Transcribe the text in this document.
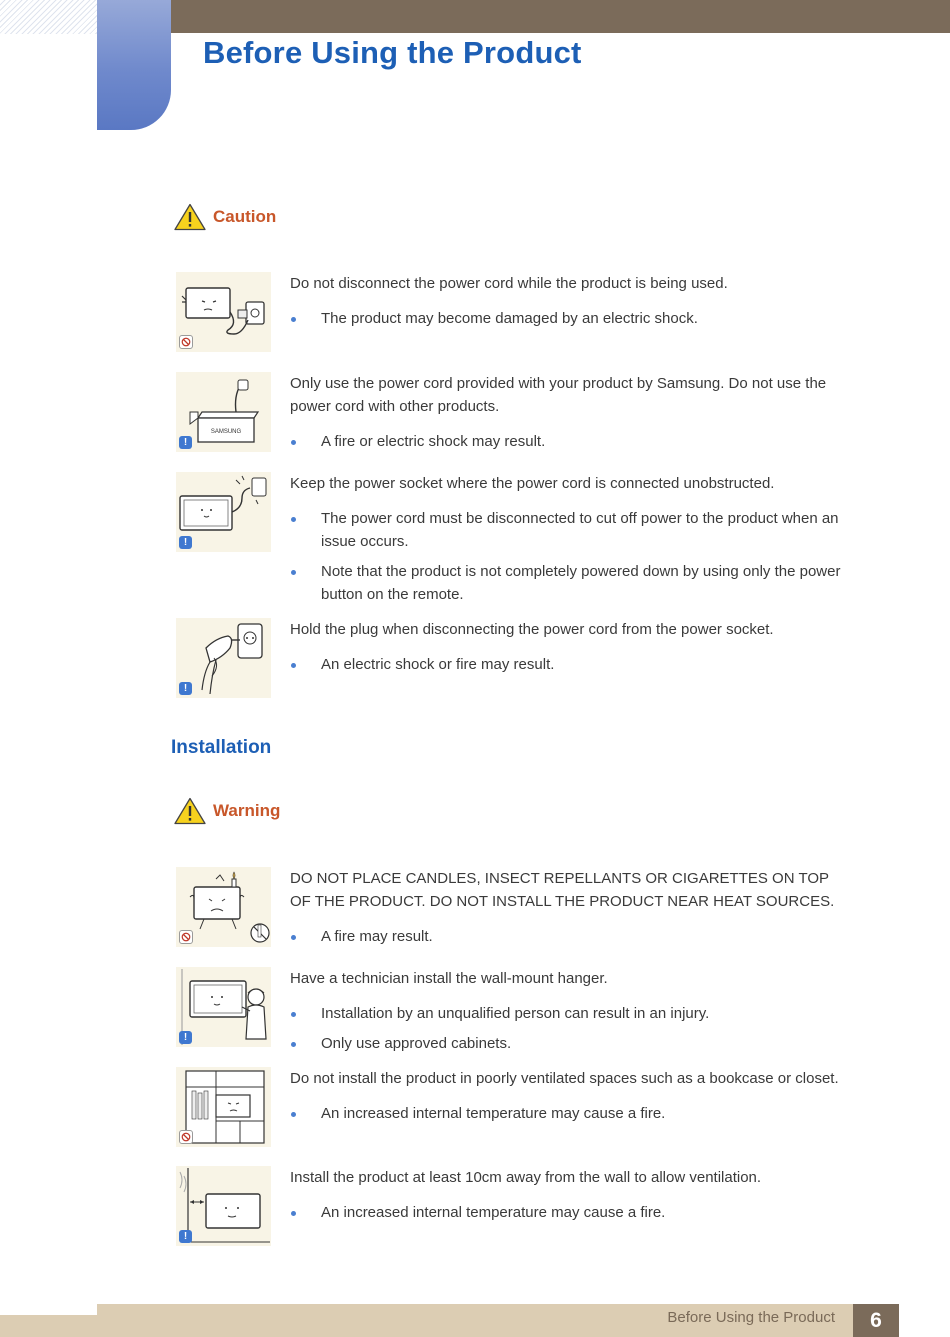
Before Using the Product
Caution

Do not disconnect the power cord while the product is being used.

The product may become damaged by an electric shock.
SAMSUNG
!

Only use the power cord provided with your product by Samsung. Do not use the power cord with other products.

A fire or electric shock may result.
!

Keep the power socket where the power cord is connected unobstructed.

The power cord must be disconnected to cut off power to the product when an issue occurs.
Note that the product is not completely powered down by using only the power button on the remote.
!

Hold the plug when disconnecting the power cord from the power socket.

An electric shock or fire may result.
Installation
Warning

DO NOT PLACE CANDLES, INSECT REPELLANTS OR CIGARETTES ON TOP OF THE PRODUCT. DO NOT INSTALL THE PRODUCT NEAR HEAT SOURCES.

A fire may result.
!

Have a technician install the wall-mount hanger.

Installation by an unqualified person can result in an injury.
Only use approved cabinets.

Do not install the product in poorly ventilated spaces such as a bookcase or closet.

An increased internal temperature may cause a fire.
!

Install the product at least 10cm away from the wall to allow ventilation.

An increased internal temperature may cause a fire.
Before Using the Product	6
